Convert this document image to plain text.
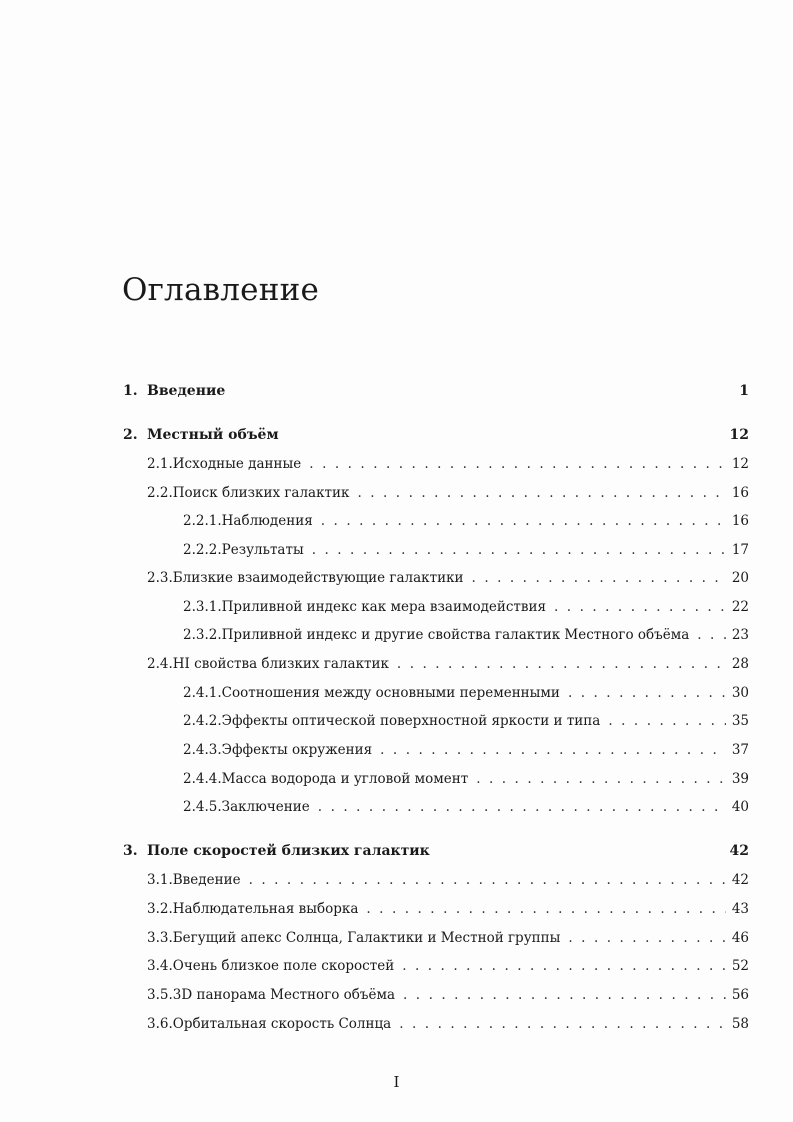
Оглавление
1. Введение	1
2. Местный объём	12
2.1. Исходные данные . . .	12
2.2. Поиск близких галактик . . .	16
2.2.1. Наблюдения . . .	16
2.2.2. Результаты . . .	17
2.3. Близкие взаимодействующие галактики . . .	20
2.3.1. Приливной индекс как мера взаимодействия . . .	22
2.3.2. Приливной индекс и другие свойства галактик Местного объёма . . .	23
2.4. HI свойства близких галактик . . .	28
2.4.1. Соотношения между основными переменными . . .	30
2.4.2. Эффекты оптической поверхностной яркости и типа . . .	35
2.4.3. Эффекты окружения . . .	37
2.4.4. Масса водорода и угловой момент . . .	39
2.4.5. Заключение . . .	40
3. Поле скоростей близких галактик	42
3.1. Введение . . .	42
3.2. Наблюдательная выборка . . .	43
3.3. Бегущий апекс Солнца, Галактики и Местной группы . . .	46
3.4. Очень близкое поле скоростей . . .	52
3.5. 3D панорама Местного объёма . . .	56
3.6. Орбитальная скорость Солнца . . .	58
I
